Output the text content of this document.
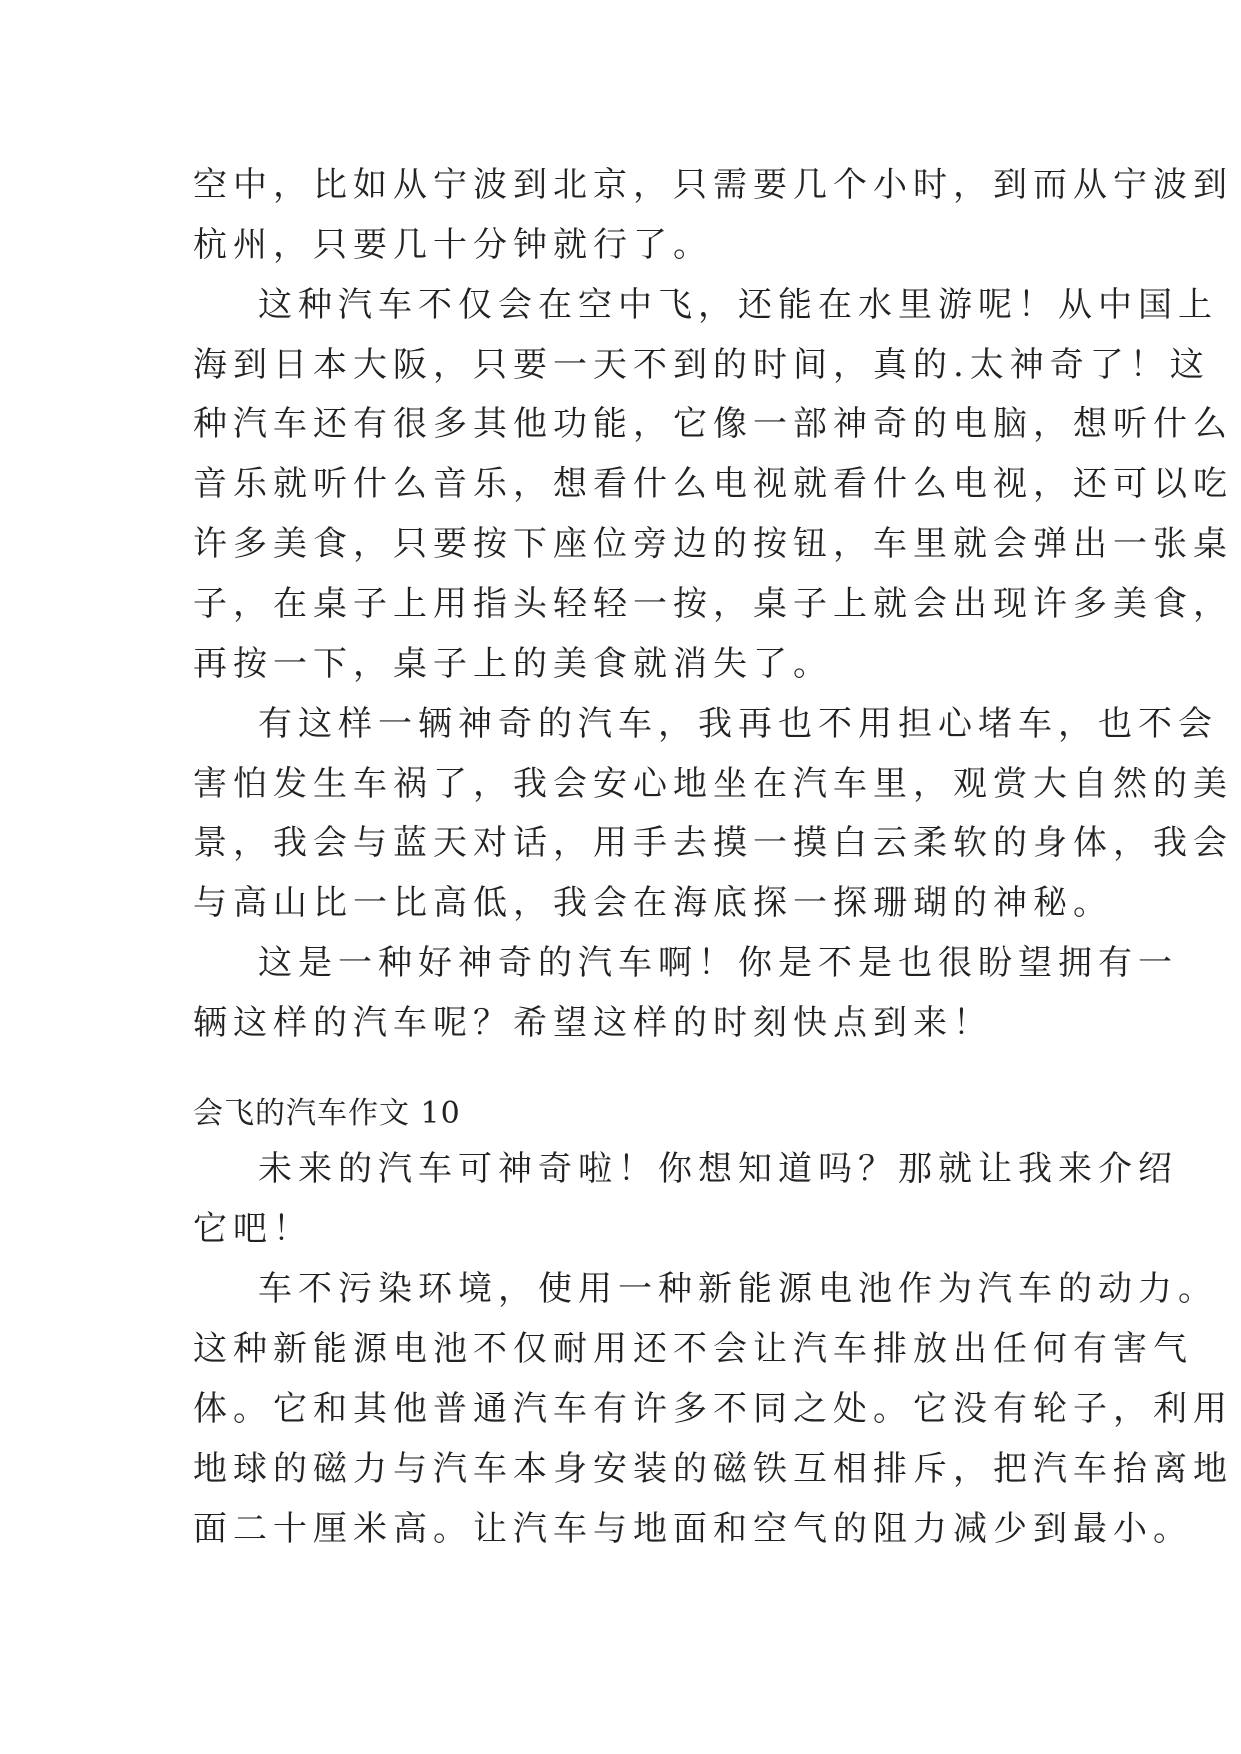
空中，比如从宁波到北京，只需要几个小时，到而从宁波到
杭州，只要几十分钟就行了。
这种汽车不仅会在空中飞，还能在水里游呢！从中国上
海到日本大阪，只要一天不到的时间，真的.太神奇了！这
种汽车还有很多其他功能，它像一部神奇的电脑，想听什么
音乐就听什么音乐，想看什么电视就看什么电视，还可以吃
许多美食，只要按下座位旁边的按钮，车里就会弹出一张桌
子，在桌子上用指头轻轻一按，桌子上就会出现许多美食，
再按一下，桌子上的美食就消失了。
有这样一辆神奇的汽车，我再也不用担心堵车，也不会
害怕发生车祸了，我会安心地坐在汽车里，观赏大自然的美
景，我会与蓝天对话，用手去摸一摸白云柔软的身体，我会
与高山比一比高低，我会在海底探一探珊瑚的神秘。
这是一种好神奇的汽车啊！你是不是也很盼望拥有一
辆这样的汽车呢？希望这样的时刻快点到来！
会飞的汽车作文 10
未来的汽车可神奇啦！你想知道吗？那就让我来介绍
它吧！
车不污染环境，使用一种新能源电池作为汽车的动力。
这种新能源电池不仅耐用还不会让汽车排放出任何有害气
体。它和其他普通汽车有许多不同之处。它没有轮子，利用
地球的磁力与汽车本身安装的磁铁互相排斥，把汽车抬离地
面二十厘米高。让汽车与地面和空气的阻力减少到最小。
